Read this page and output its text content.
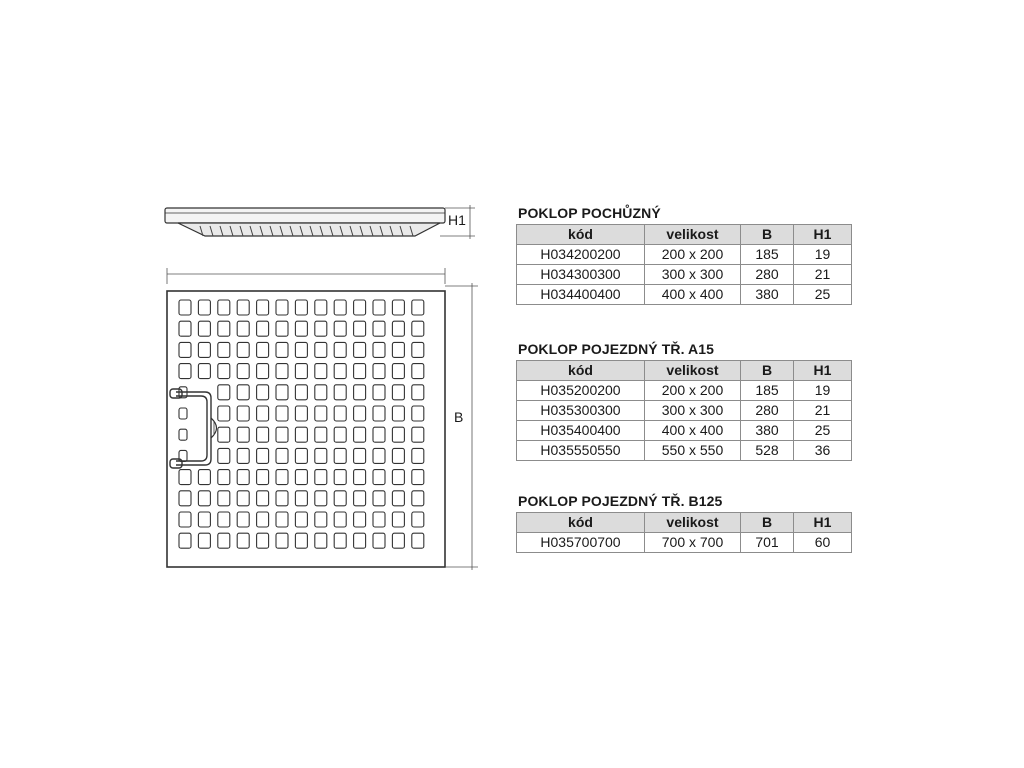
H1
B
POKLOP POCHŮZNÝ
kód	velikost	B	H1
H034200200	200 x 200	185	19
H034300300	300 x 300	280	21
H034400400	400 x 400	380	25
POKLOP POJEZDNÝ TŘ. A15
kód	velikost	B	H1
H035200200	200 x 200	185	19
H035300300	300 x 300	280	21
H035400400	400 x 400	380	25
H035550550	550 x 550	528	36
POKLOP POJEZDNÝ TŘ. B125
kód	velikost	B	H1
H035700700	700 x 700	701	60
